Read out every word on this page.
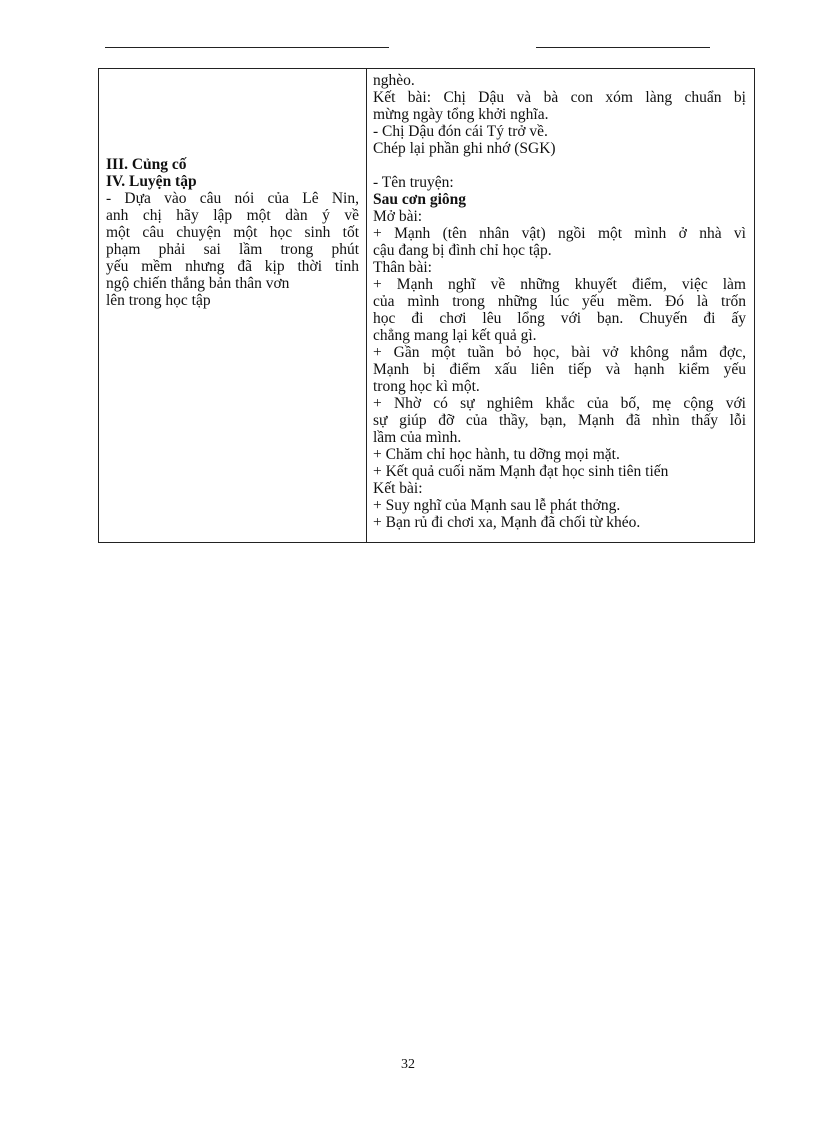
III. Củng cố
IV. Luyện tập
- Dựa vào câu nói của Lê Nin,
anh chị hãy lập một dàn ý về
một câu chuyện một học sinh tốt
phạm phải sai lầm trong phút
yếu mềm nhưng đã kịp thời tỉnh
ngộ chiến thắng bản thân vơn
lên trong học tập
nghèo.
Kết bài: Chị Dậu và bà con xóm làng chuẩn bị
mừng ngày tổng khởi nghĩa.
- Chị Dậu đón cái Tý trở về.
Chép lại phần ghi nhớ (SGK)
- Tên truyện:
Sau cơn giông
Mở bài:
+ Mạnh (tên nhân vật) ngồi một mình ở nhà vì
cậu đang bị đình chỉ học tập.
Thân bài:
+ Mạnh nghĩ về những khuyết điểm, việc làm
của mình trong những lúc yếu mềm. Đó là trốn
học đi chơi lêu lổng với bạn. Chuyến đi ấy
chẳng mang lại kết quả gì.
+ Gần một tuần bỏ học, bài vở không nắm đợc,
Mạnh bị điểm xấu liên tiếp và hạnh kiểm yếu
trong học kì một.
+ Nhờ có sự nghiêm khắc của bố, mẹ cộng với
sự giúp đỡ của thầy, bạn, Mạnh đã nhìn thấy lỗi
lầm của mình.
+ Chăm chỉ học hành, tu dỡng mọi mặt.
+ Kết quả cuối năm Mạnh đạt học sinh tiên tiến
Kết bài:
+ Suy nghĩ của Mạnh sau lễ phát thởng.
+ Bạn rủ đi chơi xa, Mạnh đã chối từ khéo.
32
